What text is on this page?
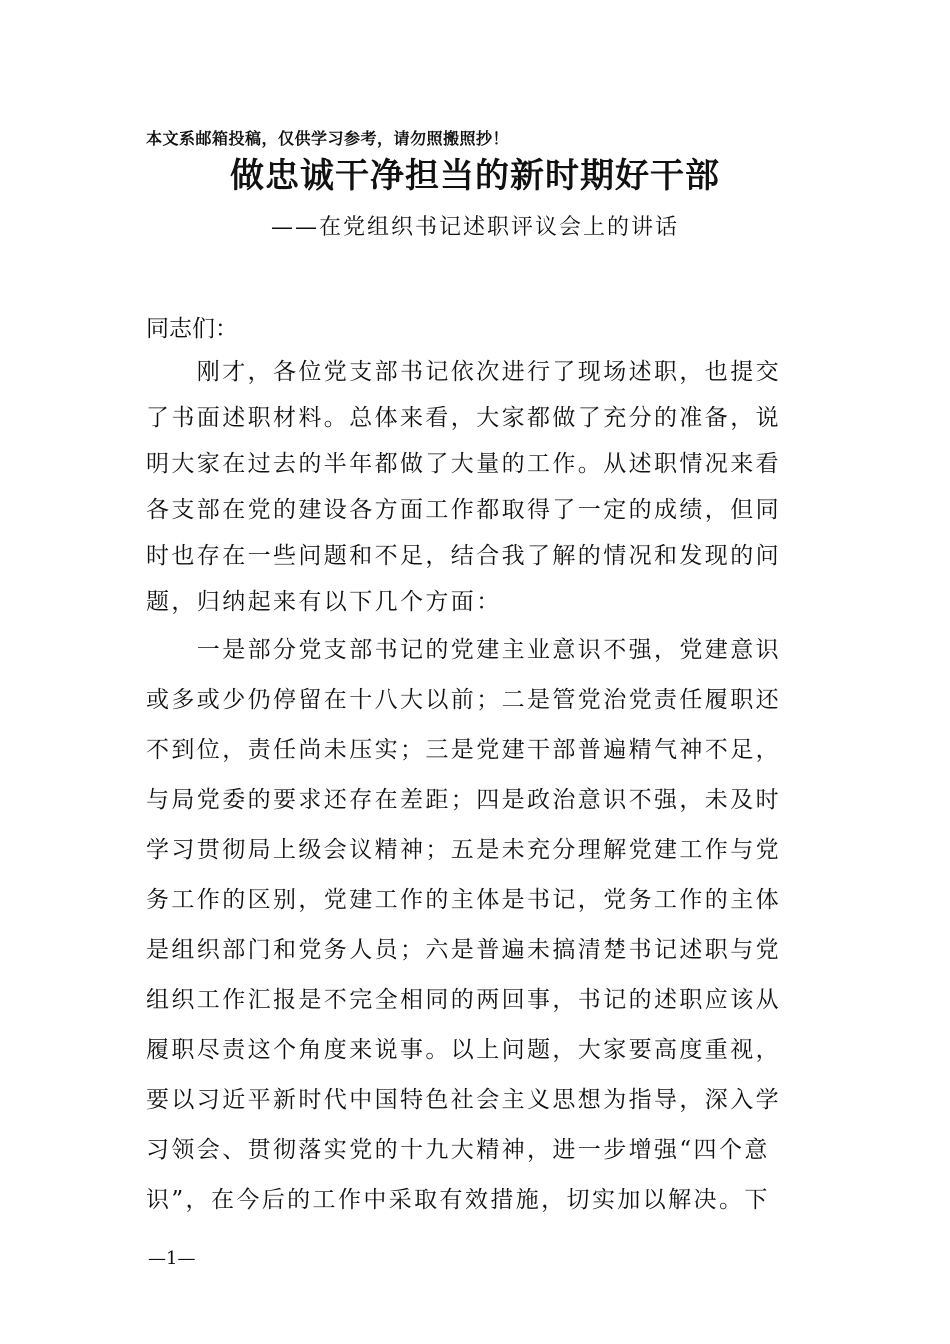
本文系邮箱投稿，仅供学习参考，请勿照搬照抄！
做忠诚干净担当的新时期好干部
——在党组织书记述职评议会上的讲话
同志们：
　　刚才，各位党支部书记依次进行了现场述职，也提交
了书面述职材料。总体来看，大家都做了充分的准备，说
明大家在过去的半年都做了大量的工作。从述职情况来看
各支部在党的建设各方面工作都取得了一定的成绩，但同
时也存在一些问题和不足，结合我了解的情况和发现的问
题，归纳起来有以下几个方面：
　　一是部分党支部书记的党建主业意识不强，党建意识
或多或少仍停留在十八大以前；二是管党治党责任履职还
不到位，责任尚未压实；三是党建干部普遍精气神不足，
与局党委的要求还存在差距；四是政治意识不强，未及时
学习贯彻局上级会议精神；五是未充分理解党建工作与党
务工作的区别，党建工作的主体是书记，党务工作的主体
是组织部门和党务人员；六是普遍未搞清楚书记述职与党
组织工作汇报是不完全相同的两回事，书记的述职应该从
履职尽责这个角度来说事。以上问题，大家要高度重视，
要以习近平新时代中国特色社会主义思想为指导，深入学
习领会、贯彻落实党的十九大精神，进一步增强“四个意
识”，在今后的工作中采取有效措施，切实加以解决。下
—1—
